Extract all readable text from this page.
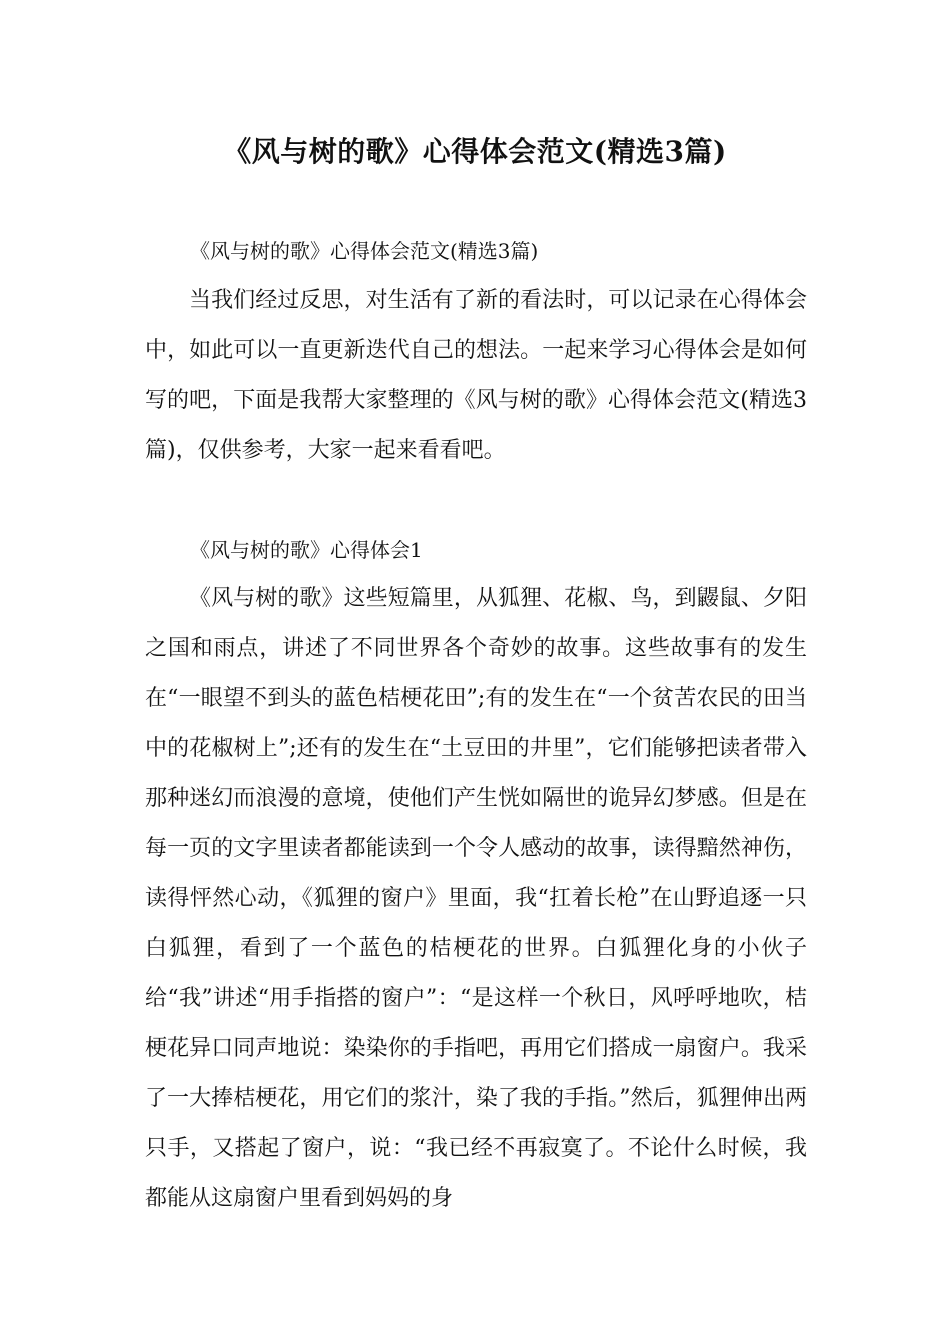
《风与树的歌》心得体会范文(精选3篇)
《风与树的歌》心得体会范文(精选3篇)

当我们经过反思，对生活有了新的看法时，可以记录在心得体会中，如此可以一直更新迭代自己的想法。一起来学习心得体会是如何写的吧，下面是我帮大家整理的《风与树的歌》心得体会范文(精选3篇)，仅供参考，大家一起来看看吧。

《风与树的歌》心得体会1

《风与树的歌》这些短篇里，从狐狸、花椒、鸟，到鼹鼠、夕阳之国和雨点，讲述了不同世界各个奇妙的故事。这些故事有的发生在“一眼望不到头的蓝色桔梗花田”;有的发生在“一个贫苦农民的田当中的花椒树上”;还有的发生在“土豆田的井里”，它们能够把读者带入那种迷幻而浪漫的意境，使他们产生恍如隔世的诡异幻梦感。但是在每一页的文字里读者都能读到一个令人感动的故事，读得黯然神伤，读得怦然心动，《狐狸的窗户》里面，我“扛着长枪”在山野追逐一只白狐狸，看到了一个蓝色的桔梗花的世界。白狐狸化身的小伙子给“我”讲述“用手指搭的窗户”：“是这样一个秋日，风呼呼地吹，桔梗花异口同声地说：染染你的手指吧，再用它们搭成一扇窗户。我采了一大捧桔梗花，用它们的浆汁，染了我的手指。”然后，狐狸伸出两只手，又搭起了窗户，说：“我已经不再寂寞了。不论什么时候，我都能从这扇窗户里看到妈妈的身
